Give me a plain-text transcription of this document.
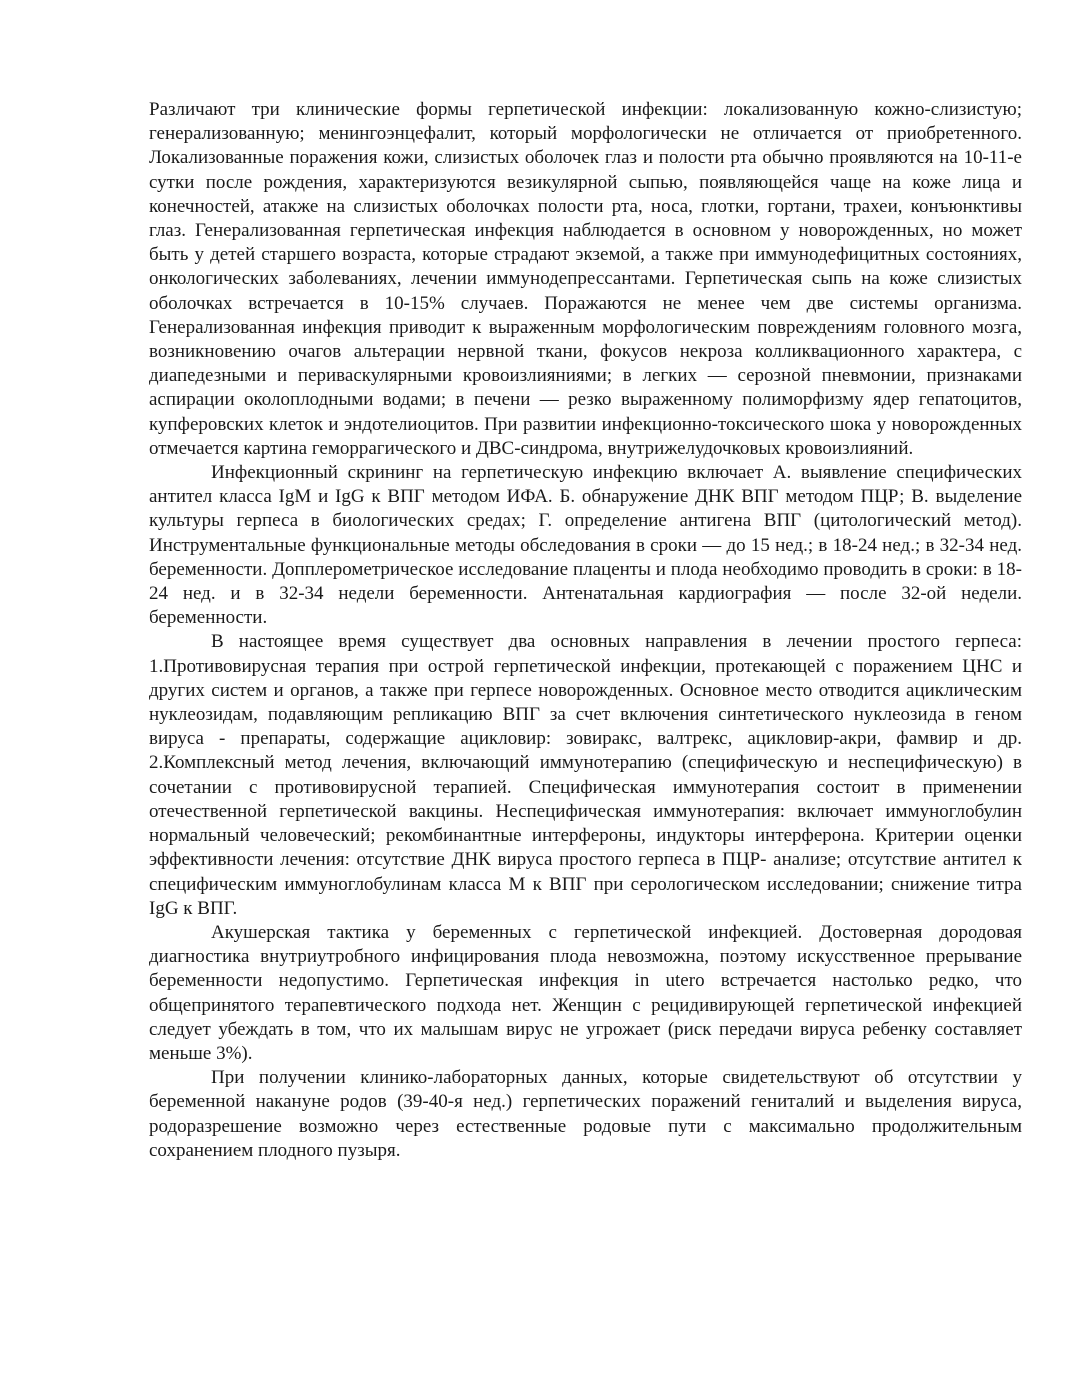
Различают три клинические формы герпетической инфекции: локализованную кожно-слизистую; генерализованную; менингоэнцефалит, который морфологически не отличается от приобретенного. Локализованные поражения кожи, слизистых оболочек глаз и полости рта обычно проявляются на 10-11-е сутки после рождения, характеризуются везикулярной сыпью, появляющейся чаще на коже лица и конечностей, атакже на слизистых оболочках полости рта, носа, глотки, гортани, трахеи, конъюнктивы глаз. Генерализованная герпетическая инфекция наблюдается в основном у новорожденных, но может быть у детей старшего возраста, которые страдают экземой, а также при иммунодефицитных состояниях, онкологических заболеваниях, лечении иммунодепрессантами. Герпетическая сыпь на коже слизистых оболочках встречается в 10-15% случаев. Поражаются не менее чем две системы организма. Генерализованная инфекция приводит к выраженным морфологическим повреждениям головного мозга, возникновению очагов альтерации нервной ткани, фокусов некроза колликвационного характера, с диапедезными и периваскулярными кровоизлияниями; в легких — серозной пневмонии, признаками аспирации околоплодными водами; в печени — резко выраженному полиморфизму ядер гепатоцитов, купферовских клеток и эндотелиоцитов. При развитии инфекционно-токсического шока у новорожденных отмечается картина геморрагического и ДВС-синдрома, внутрижелудочковых кровоизлияний.

Инфекционный скрининг на герпетическую инфекцию включает А. выявление специфических антител класса IgM и IgG к ВПГ методом ИФА. Б. обнаружение ДНК ВПГ методом ПЦР; В. выделение культуры герпеса в биологических средах; Г. определение антигена ВПГ (цитологический метод). Инструментальные функциональные методы обследования в сроки — до 15 нед.; в 18-24 нед.; в 32-34 нед. беременности. Допплерометрическое исследование плаценты и плода необходимо проводить в сроки: в 18-24 нед. и в 32-34 недели беременности. Антенатальная кардиография — после 32-ой недели. беременности.

В настоящее время существует два основных направления в лечении простого герпеса: 1.Противовирусная терапия при острой герпетической инфекции, протекающей с поражением ЦНС и других систем и органов, а также при герпесе новорожденных. Основное место отводится ациклическим нуклеозидам, подавляющим репликацию ВПГ за счет включения синтетического нуклеозида в геном вируса - препараты, содержащие ацикловир: зовиракс, валтрекс, ацикловир-акри, фамвир и др. 2.Комплексный метод лечения, включающий иммунотерапию (специфическую и неспецифическую) в сочетании с противовирусной терапией. Специфическая иммунотерапия состоит в применении отечественной герпетической вакцины. Неспецифическая иммунотерапия: включает иммуноглобулин нормальный человеческий; рекомбинантные интерфероны, индукторы интерферона. Критерии оценки эффективности лечения: отсутствие ДНК вируса простого герпеса в ПЦР- анализе; отсутствие антител к специфическим иммуноглобулинам класса М к ВПГ при серологическом исследовании; снижение титра IgG к ВПГ.

Акушерская тактика у беременных с герпетической инфекцией. Достоверная дородовая диагностика внутриутробного инфицирования плода невозможна, поэтому искусственное прерывание беременности недопустимо. Герпетическая инфекция in utero встречается настолько редко, что общепринятого терапевтического подхода нет. Женщин с рецидивирующей герпетической инфекцией следует убеждать в том, что их малышам вирус не угрожает (риск передачи вируса ребенку составляет меньше 3%).

При получении клинико-лабораторных данных, которые свидетельствуют об отсутствии у беременной накануне родов (39-40-я нед.) герпетических поражений гениталий и выделения вируса, родоразрешение возможно через естественные родовые пути с максимально продолжительным сохранением плодного пузыря.
